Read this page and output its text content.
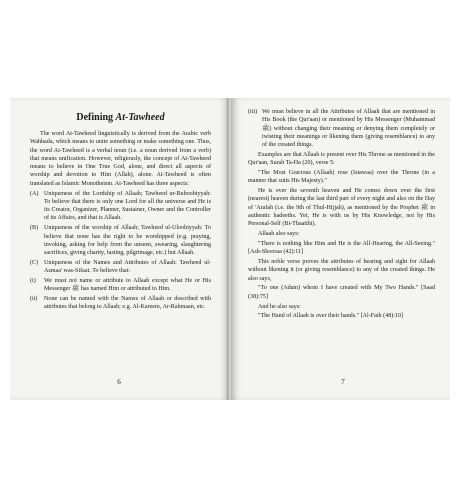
Defining At-Tawheed

The word At-Tawheed linguistically is derived from the Arabic verb Wahhada, which means to unite something or make something one. Thus, the word At-Tawheed is a verbal noun (i.e. a noun derived from a verb) that means unification. However, religiously, the concept of At-Tawheed means to believe in One True God, alone, and direct all aspects of worship and devotion to Him (Allah), alone. At-Tawheed is often translated as Islamic Monotheism. At-Tawheed has three aspects:

(A) Uniqueness of the Lordship of Allaah; Tawheed ur-Ruboobiyyah: To believe that there is only one Lord for all the universe and He is its Creator, Organizer, Planner, Sustainer, Owner and the Controller of its Affairs, and that is Allaah.
(B) Uniqueness of the worship of Allaah; Tawheed ul-Uloohiyyah: To believe that none has the right to be worshipped (e.g. praying, invoking, asking for help from the unseen, swearing, slaughtering sacrifices, giving charity, fasting, pilgrimage, etc.) but Allaah.
(C) Uniqueness of the Names and Attributes of Allaah: Tawheed ul-Asmaa' was-Sifaat. To believe that:
(i)	We must not name or attribute to Allaah except what He or His Messenger ﷺ has named Him or attributed to Him.
(ii)	None can be named with the Names of Allaah or described with attributes that belong to Allaah; e.g. Al-Kareem, Ar-Rahmaan, etc.
6
(iii) We must believe in all the Attributes of Allaah that are mentioned in His Book (the Qur'aan) or mentioned by His Messenger (Muhammad ﷺ) without changing their meaning or denying them completely or twisting their meanings or likening them (giving resemblance) to any of the created things.

Examples are that Allaah is present over His Throne as mentioned in the Qur'aan, Surah Ta-Ha (20), verse 5:

"The Most Gracious (Allaah) rose (Istawaa) over the Throne (in a manner that suits His Majesty)."

He is over the seventh heaven and He comes down over the first (nearest) heaven during the last third part of every night and also on the Day of 'Arafah (i.e. the 9th of Thul-Hijjah), as mentioned by the Prophet ﷺ in authentic hadeeths. Yet, He is with us by His Knowledge, not by His Personal-Self (Bi-Thaatihi).

Allaah also says:

"There is nothing like Him and He is the All-Hearing, the All-Seeing." [Ash-Shooraa (42):11]

This noble verse proves the attributes of hearing and sight for Allaah without likening it (or giving resemblance) to any of the created things. He also says,

"To one (Adam) whom I have created with My Two Hands." [Saad (38):75]

And he also says:

"The Hand of Allaah is over their hands." [Al-Fath (48):10]

7
